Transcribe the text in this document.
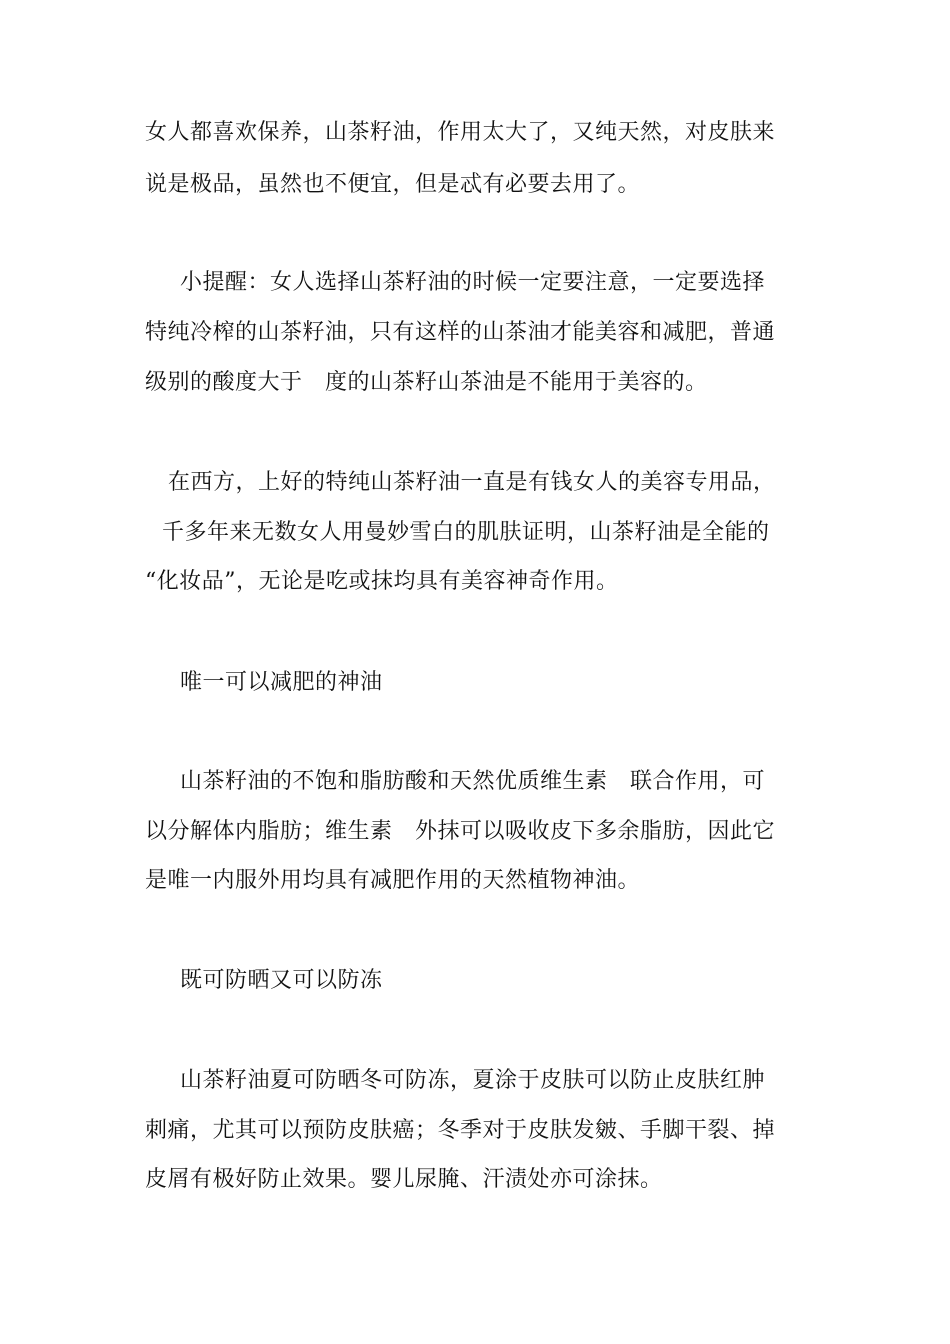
女人都喜欢保养，山茶籽油，作用太大了，又纯天然，对皮肤来
说是极品，虽然也不便宜，但是忒有必要去用了。
小提醒：女人选择山茶籽油的时候一定要注意，一定要选择
特纯冷榨的山茶籽油，只有这样的山茶油才能美容和减肥，普通
级别的酸度大于　度的山茶籽山茶油是不能用于美容的。
在西方，上好的特纯山茶籽油一直是有钱女人的美容专用品，
千多年来无数女人用曼妙雪白的肌肤证明，山茶籽油是全能的
“化妆品”，无论是吃或抹均具有美容神奇作用。
唯一可以减肥的神油
山茶籽油的不饱和脂肪酸和天然优质维生素　联合作用，可
以分解体内脂肪；维生素　外抹可以吸收皮下多余脂肪，因此它
是唯一内服外用均具有减肥作用的天然植物神油。
既可防晒又可以防冻
山茶籽油夏可防晒冬可防冻，夏涂于皮肤可以防止皮肤红肿
刺痛，尤其可以预防皮肤癌；冬季对于皮肤发皴、手脚干裂、掉
皮屑有极好防止效果。婴儿尿腌、汗渍处亦可涂抹。
